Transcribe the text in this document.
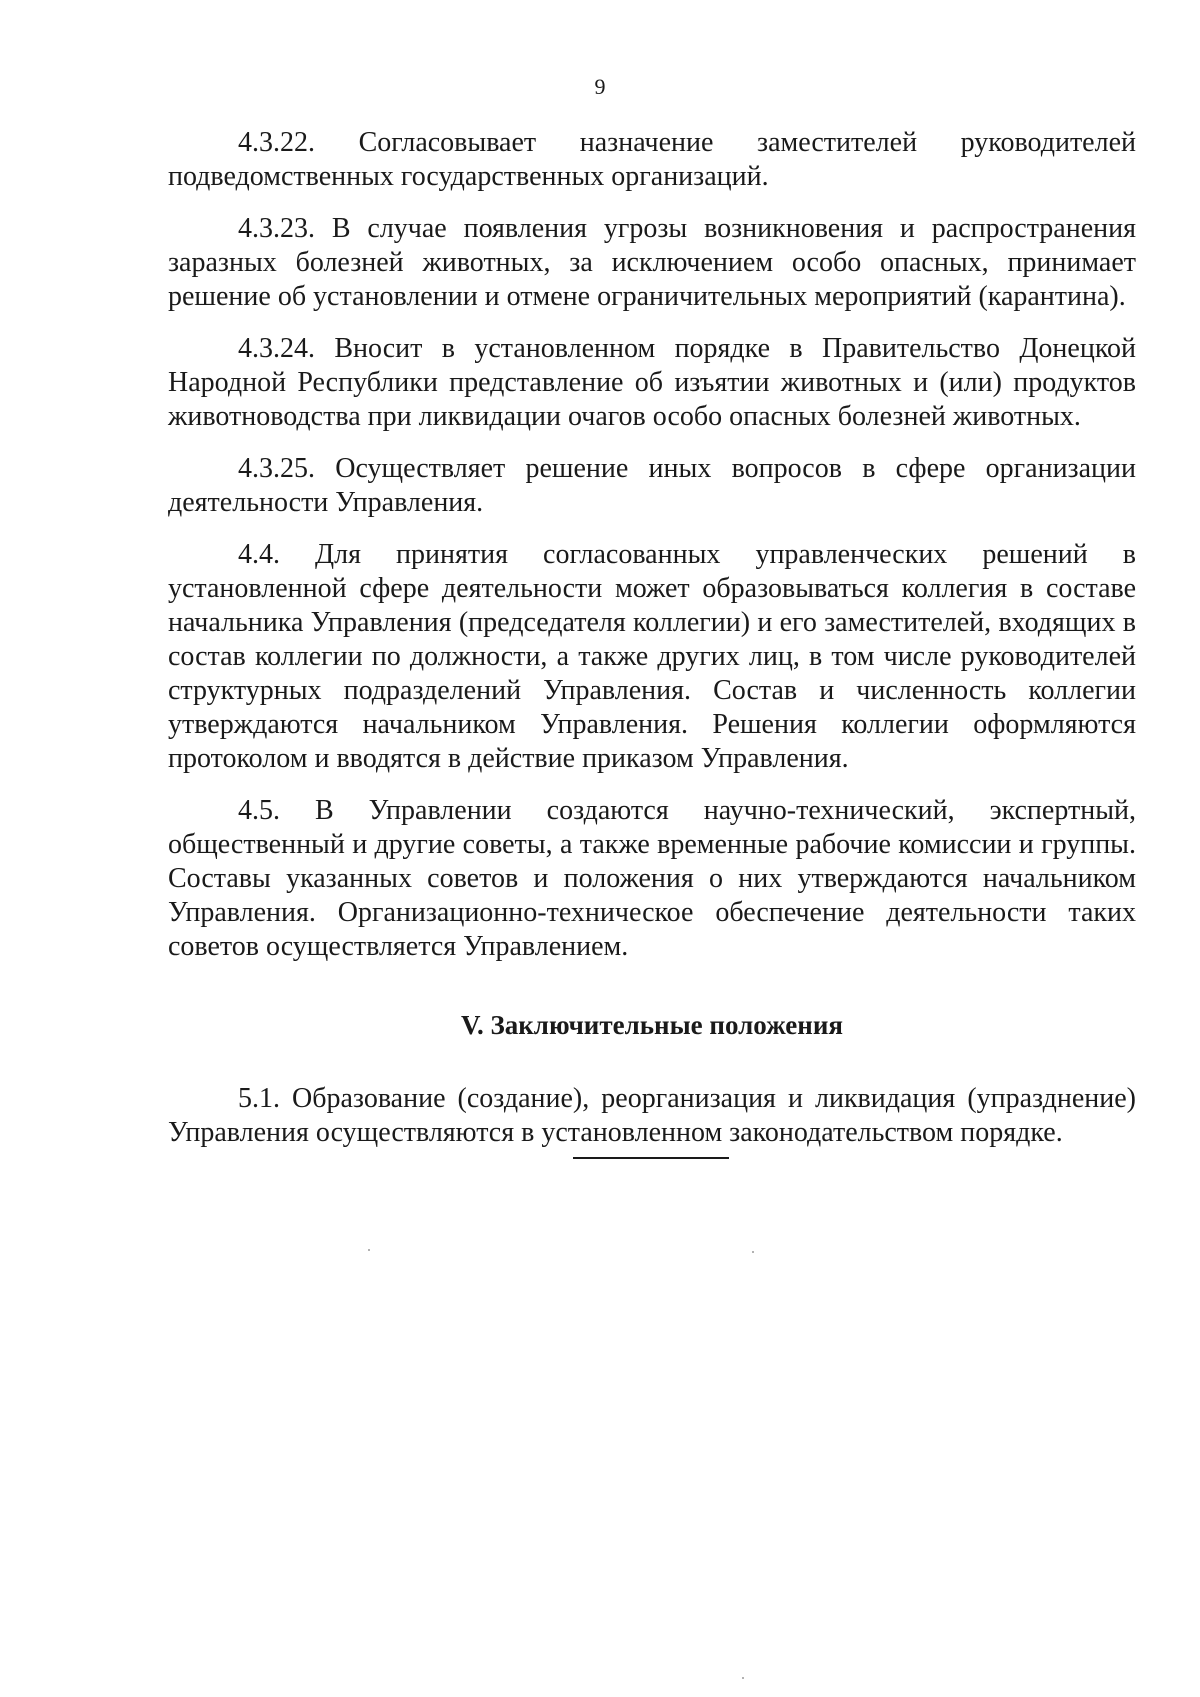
9

4.3.22. Согласовывает назначение заместителей руководителей подведомственных государственных организаций.

4.3.23. В случае появления угрозы возникновения и распространения заразных болезней животных, за исключением особо опасных, принимает решение об установлении и отмене ограничительных мероприятий (карантина).

4.3.24. Вносит в установленном порядке в Правительство Донецкой Народной Республики представление об изъятии животных и (или) продуктов животноводства при ликвидации очагов особо опасных болезней животных.

4.3.25. Осуществляет решение иных вопросов в сфере организации деятельности Управления.

4.4. Для принятия согласованных управленческих решений в установленной сфере деятельности может образовываться коллегия в составе начальника Управления (председателя коллегии) и его заместителей, входящих в состав коллегии по должности, а также других лиц, в том числе руководителей структурных подразделений Управления. Состав и численность коллегии утверждаются начальником Управления. Решения коллегии оформляются протоколом и вводятся в действие приказом Управления.

4.5. В Управлении создаются научно-технический, экспертный, общественный и другие советы, а также временные рабочие комиссии и группы. Составы указанных советов и положения о них утверждаются начальником Управления. Организационно-техническое обеспечение деятельности таких советов осуществляется Управлением.

V. Заключительные положения

5.1. Образование (создание), реорганизация и ликвидация (упразднение) Управления осуществляются в установленном законодательством порядке.
